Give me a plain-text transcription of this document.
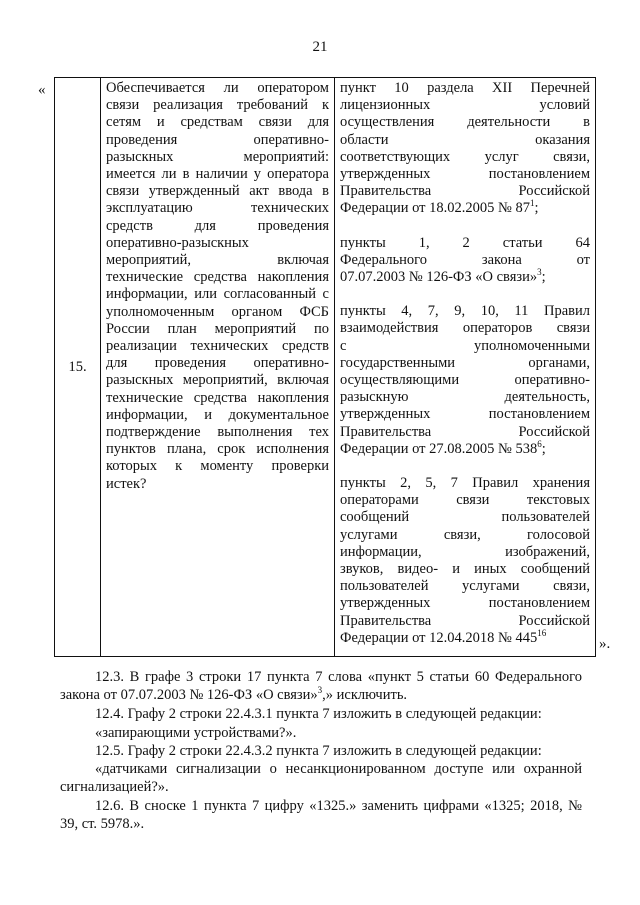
21
«
».
15.	
Обеспечивается ли оператором
связи реализация требований к
сетям и средствам связи для
проведения оперативно-
разыскных мероприятий:
имеется ли в наличии у оператора
связи утвержденный акт ввода в
эксплуатацию технических
средств для проведения
оперативно-разыскных
мероприятий, включая
технические средства накопления
информации, или согласованный с
уполномоченным органом ФСБ
России план мероприятий по
реализации технических средств
для проведения оперативно-
разыскных мероприятий, включая
технические средства накопления
информации, и документальное
подтверждение выполнения тех
пунктов плана, срок исполнения
которых к моменту проверки
истек?

пункт 10 раздела XII Перечней
лицензионных условий
осуществления деятельности в
области оказания
соответствующих услуг связи,
утвержденных постановлением
Правительства Российской
Федерации от 18.02.2005 № $87^1$;
пункты 1, 2 статьи 64
Федерального закона от
07.07.2003 № 126-ФЗ «О связи»$^3$;
пункты 4, 7, 9, 10, 11 Правил
взаимодействия операторов связи
с уполномоченными
государственными органами,
осуществляющими оперативно-
разыскную деятельность,
утвержденных постановлением
Правительства Российской
Федерации от 27.08.2005 № $538^6$;
пункты 2, 5, 7 Правил хранения
операторами связи текстовых
сообщений пользователей
услугами связи, голосовой
информации, изображений,
звуков, видео- и иных сообщений
пользователей услугами связи,
утвержденных постановлением
Правительства Российской
Федерации от 12.04.2018 № $445^{16}$
12.3. В графе 3 строки 17 пункта 7 слова «пункт 5 статьи 60 Федерального закона от 07.07.2003 № 126-ФЗ «О связи»$^3$,» исключить.
12.4. Графу 2 строки 22.4.3.1 пункта 7 изложить в следующей редакции:
«запирающими устройствами?».
12.5. Графу 2 строки 22.4.3.2 пункта 7 изложить в следующей редакции:
«датчиками сигнализации о несанкционированном доступе или охранной сигнализацией?».
12.6. В сноске 1 пункта 7 цифру «1325.» заменить цифрами «1325; 2018, № 39, ст. 5978.».
